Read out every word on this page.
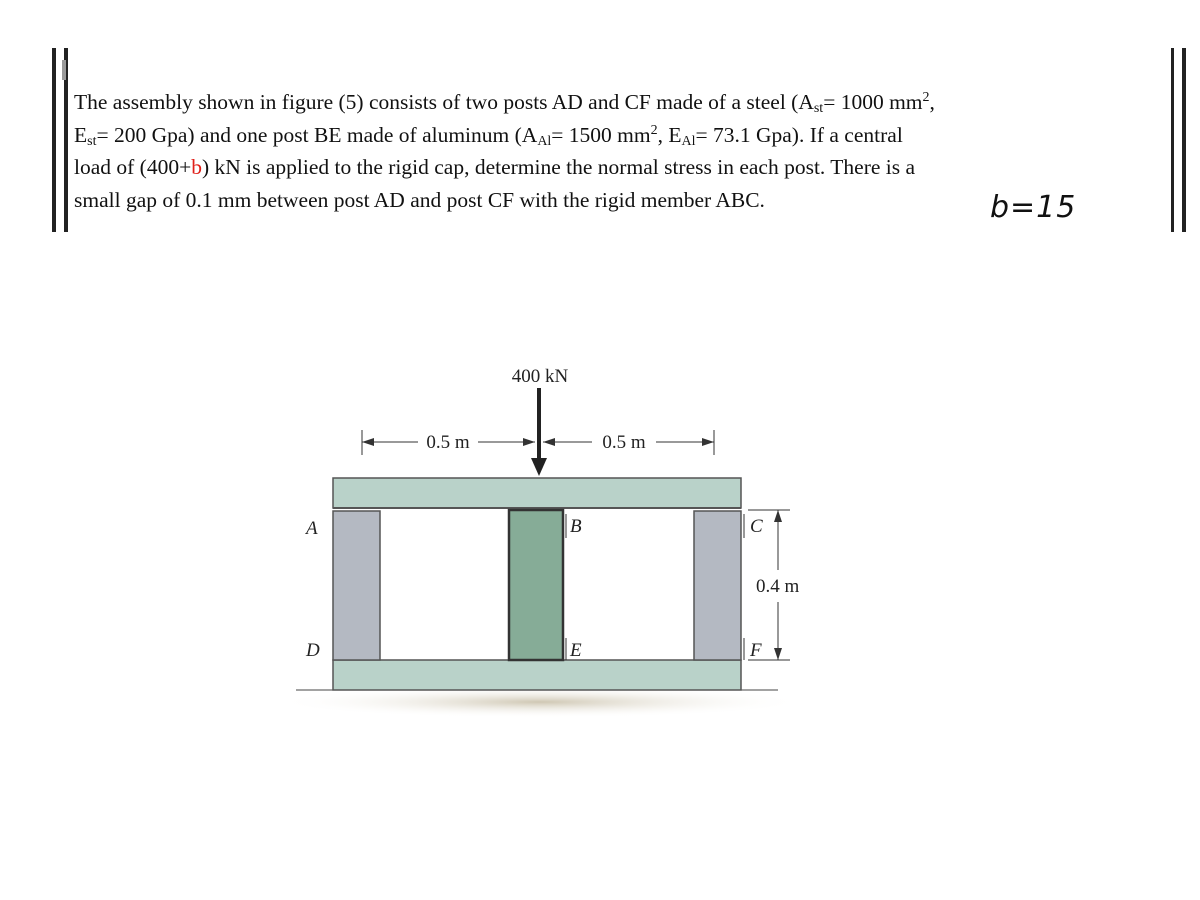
The assembly shown in figure (5) consists of two posts AD and CF made of a steel ($A_{st}= 1000$ $mm^2$,
$E_{st}= 200$ Gpa) and one post BE made of aluminum ($A_{Al}= 1500$ $mm^2$, $E_{Al}= 73.1$ Gpa). If a central
load of (400+b) kN is applied to the rigid cap, determine the normal stress in each post. There is a
small gap of 0.1 mm between post AD and post CF with the rigid member ABC.	b=15
400 kN
0.5 m	0.5 m
0.4 m
A	B	C
D	E	F
